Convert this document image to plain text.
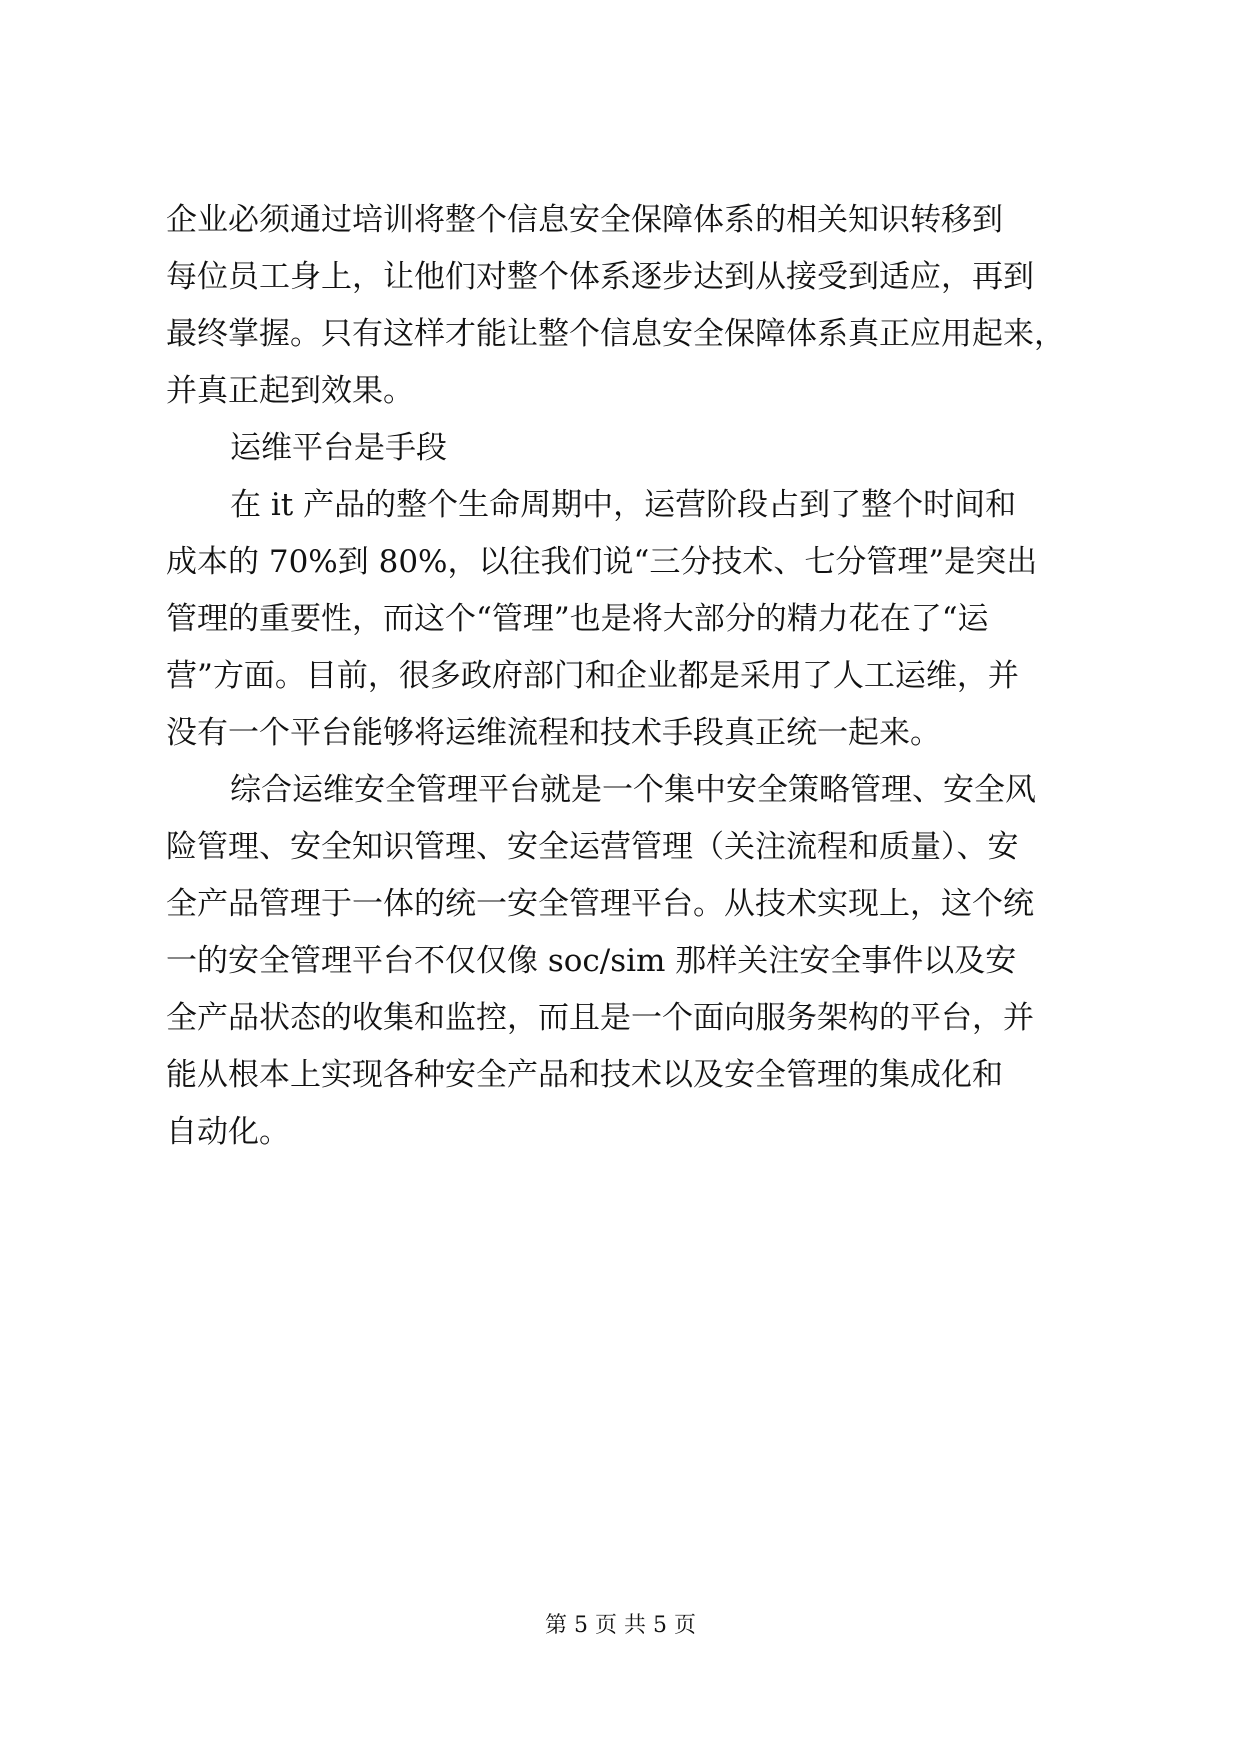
企业必须通过培训将整个信息安全保障体系的相关知识转移到
每位员工身上，让他们对整个体系逐步达到从接受到适应，再到
最终掌握。只有这样才能让整个信息安全保障体系真正应用起来，
并真正起到效果。
运维平台是手段
在 it 产品的整个生命周期中，运营阶段占到了整个时间和
成本的 70%到 80%，以往我们说“三分技术、七分管理”是突出
管理的重要性，而这个“管理”也是将大部分的精力花在了“运
营”方面。目前，很多政府部门和企业都是采用了人工运维，并
没有一个平台能够将运维流程和技术手段真正统一起来。
综合运维安全管理平台就是一个集中安全策略管理、安全风
险管理、安全知识管理、安全运营管理（关注流程和质量）、安
全产品管理于一体的统一安全管理平台。从技术实现上，这个统
一的安全管理平台不仅仅像 soc/sim 那样关注安全事件以及安
全产品状态的收集和监控，而且是一个面向服务架构的平台，并
能从根本上实现各种安全产品和技术以及安全管理的集成化和
自动化。
第 5 页 共 5 页
